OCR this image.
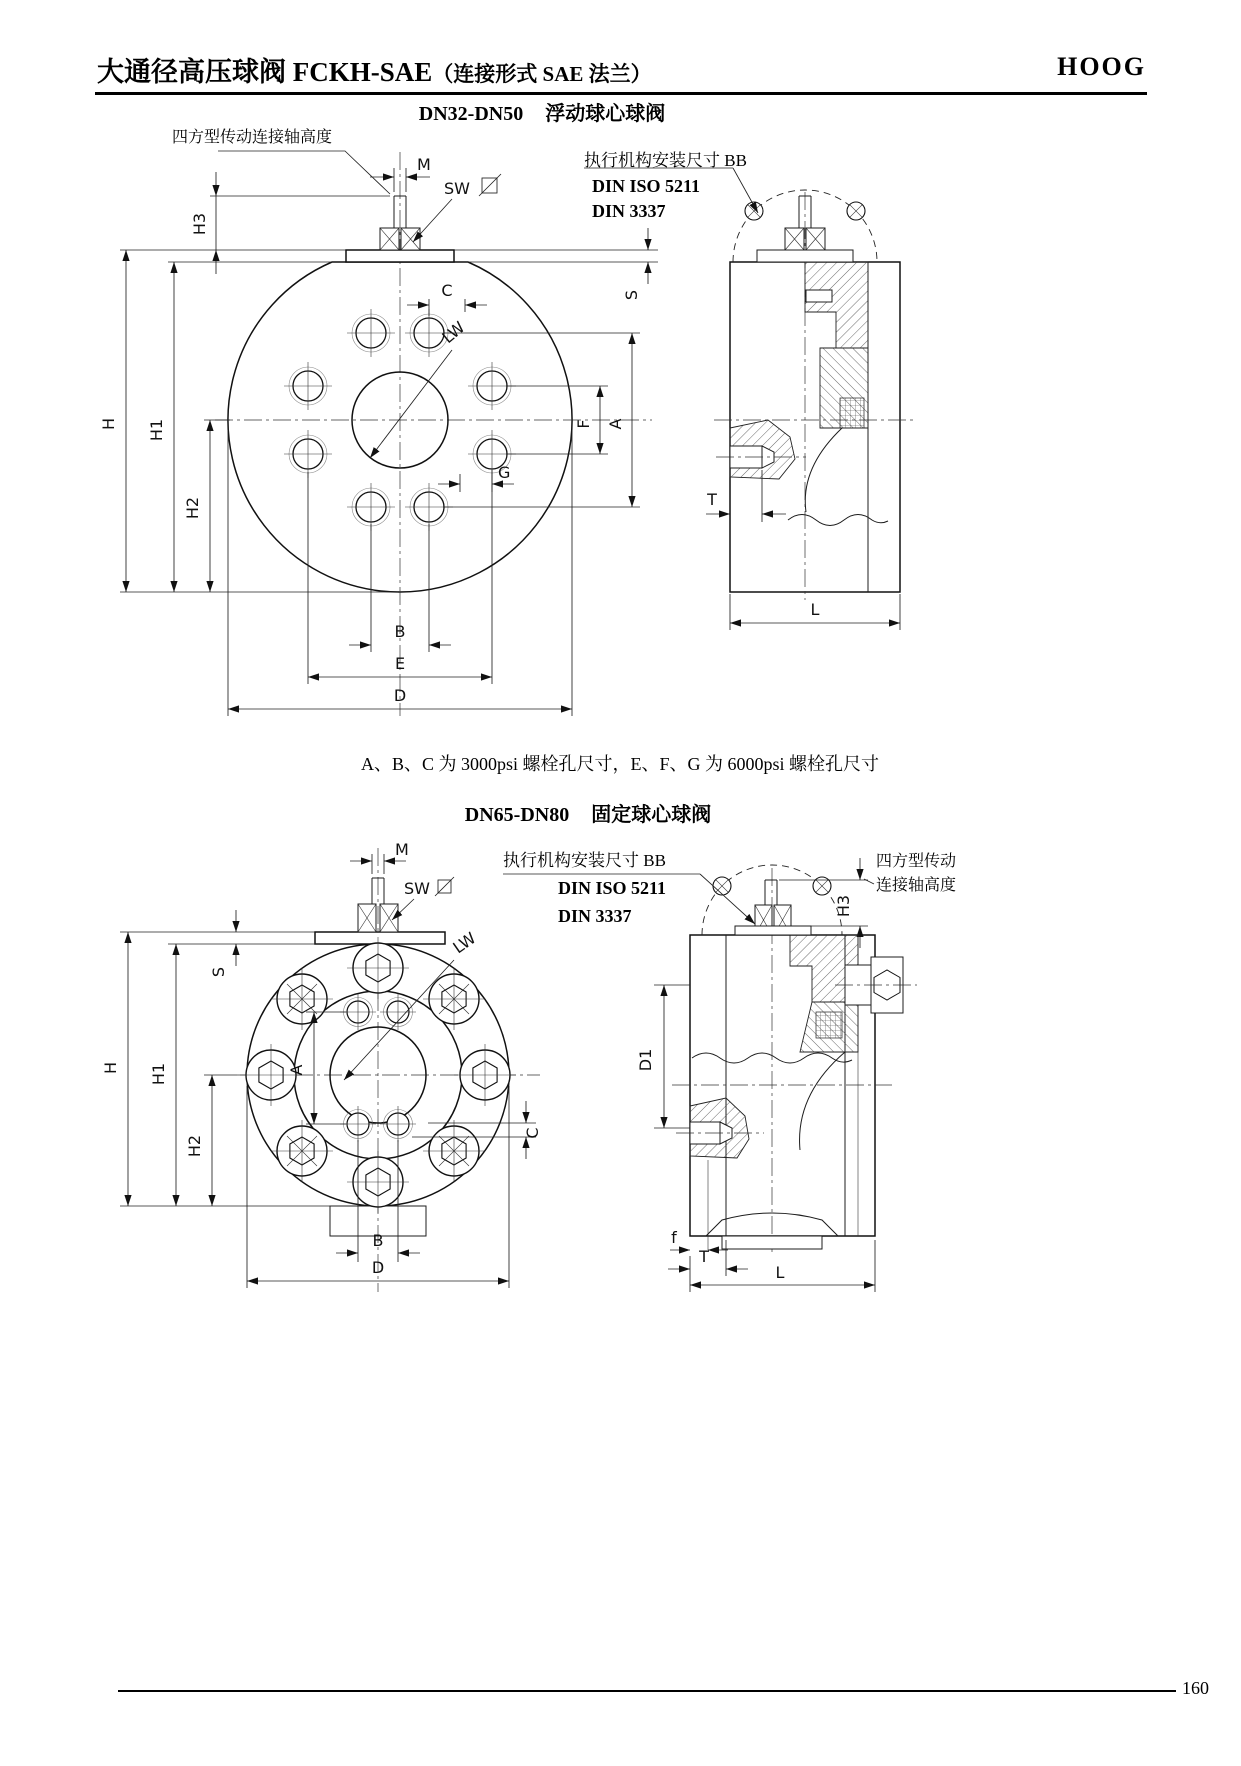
大通径高压球阀 FCKH-SAE（连接形式 SAE 法兰）	HOOG
DN32-DN50 浮动球心球阀
四方型传动连接轴高度
执行机构安装尺寸 BB
DIN ISO 5211
DIN 3337
M
SW
H3
S
C
LW
G
F A
H H1
H2
B
E
D
T
L
A、B、C 为 3000psi 螺栓孔尺寸，E、F、G 为 6000psi 螺栓孔尺寸
DN65-DN80 固定球心球阀
执行机构安装尺寸 BB
DIN ISO 5211
DIN 3337
四方型传动
连接轴高度
M
SW
S
H H1
H2
A
LW
C
B
D
H3
D1
f
T
L
160
